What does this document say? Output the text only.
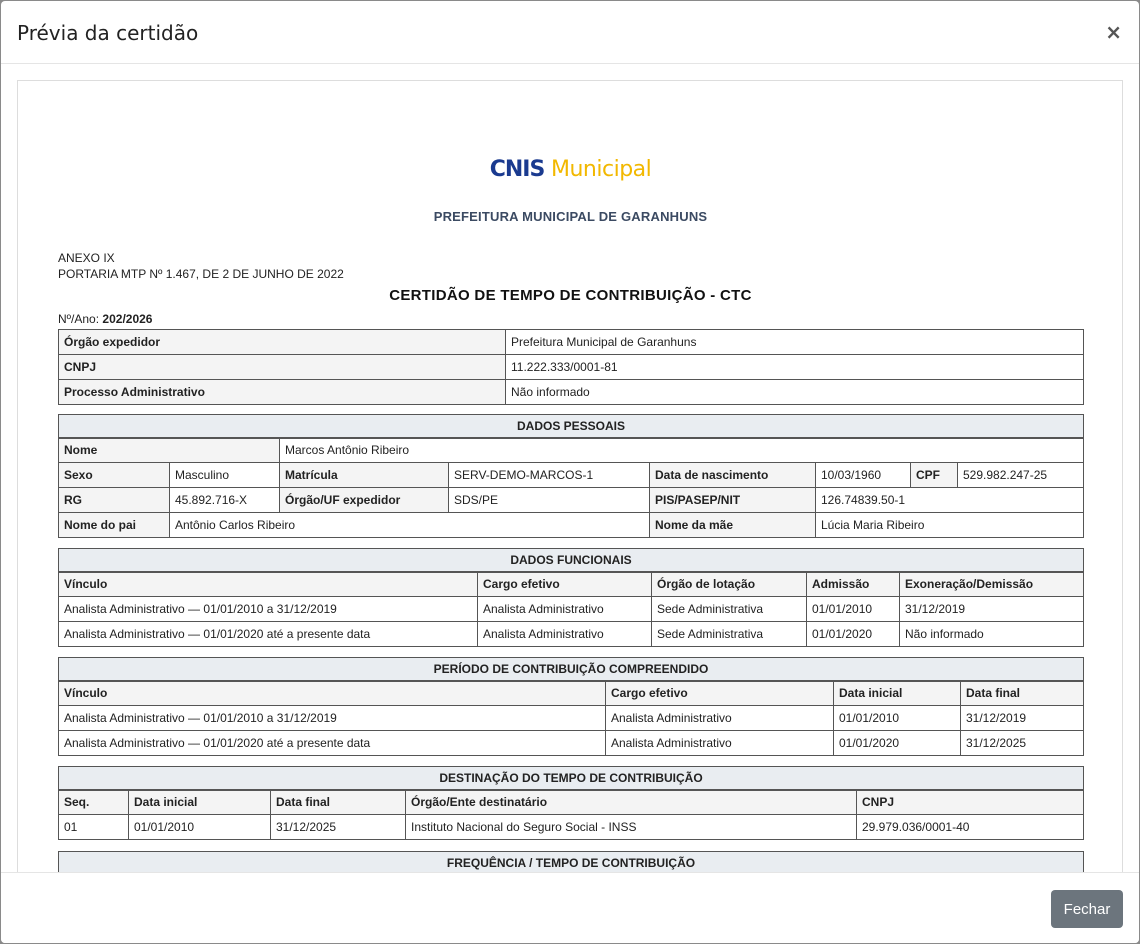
Prévia da certidão	×
CNIS Municipal
PREFEITURA MUNICIPAL DE GARANHUNS
ANEXO IX
PORTARIA MTP Nº 1.467, DE 2 DE JUNHO DE 2022
CERTIDÃO DE TEMPO DE CONTRIBUIÇÃO - CTC
Nº/Ano: 202/2026
Órgão expedidor	Prefeitura Municipal de Garanhuns
CNPJ	11.222.333/0001-81
Processo Administrativo	Não informado
DADOS PESSOAIS							
Nome		Marcos Antônio Ribeiro					
Sexo	Masculino	Matrícula	SERV-DEMO-MARCOS-1	Data de nascimento	10/03/1960	CPF	529.982.247-25
RG	45.892.716-X	Órgão/UF expedidor	SDS/PE	PIS/PASEP/NIT	126.74839.50-1		
Nome do pai	Antônio Carlos Ribeiro			Nome da mãe	Lúcia Maria Ribeiro		
DADOS FUNCIONAIS				
Vínculo	Cargo efetivo	Órgão de lotação	Admissão	Exoneração/Demissão
Analista Administrativo — 01/01/2010 a 31/12/2019	Analista Administrativo	Sede Administrativa	01/01/2010	31/12/2019
Analista Administrativo — 01/01/2020 até a presente data	Analista Administrativo	Sede Administrativa	01/01/2020	Não informado
PERÍODO DE CONTRIBUIÇÃO COMPREENDIDO			
Vínculo	Cargo efetivo	Data inicial	Data final
Analista Administrativo — 01/01/2010 a 31/12/2019	Analista Administrativo	01/01/2010	31/12/2019
Analista Administrativo — 01/01/2020 até a presente data	Analista Administrativo	01/01/2020	31/12/2025
DESTINAÇÃO DO TEMPO DE CONTRIBUIÇÃO				
Seq.	Data inicial	Data final	Órgão/Ente destinatário	CNPJ
01	01/01/2010	31/12/2025	Instituto Nacional do Seguro Social - INSS	29.979.036/0001-40
FREQUÊNCIA / TEMPO DE CONTRIBUIÇÃO
Fechar
